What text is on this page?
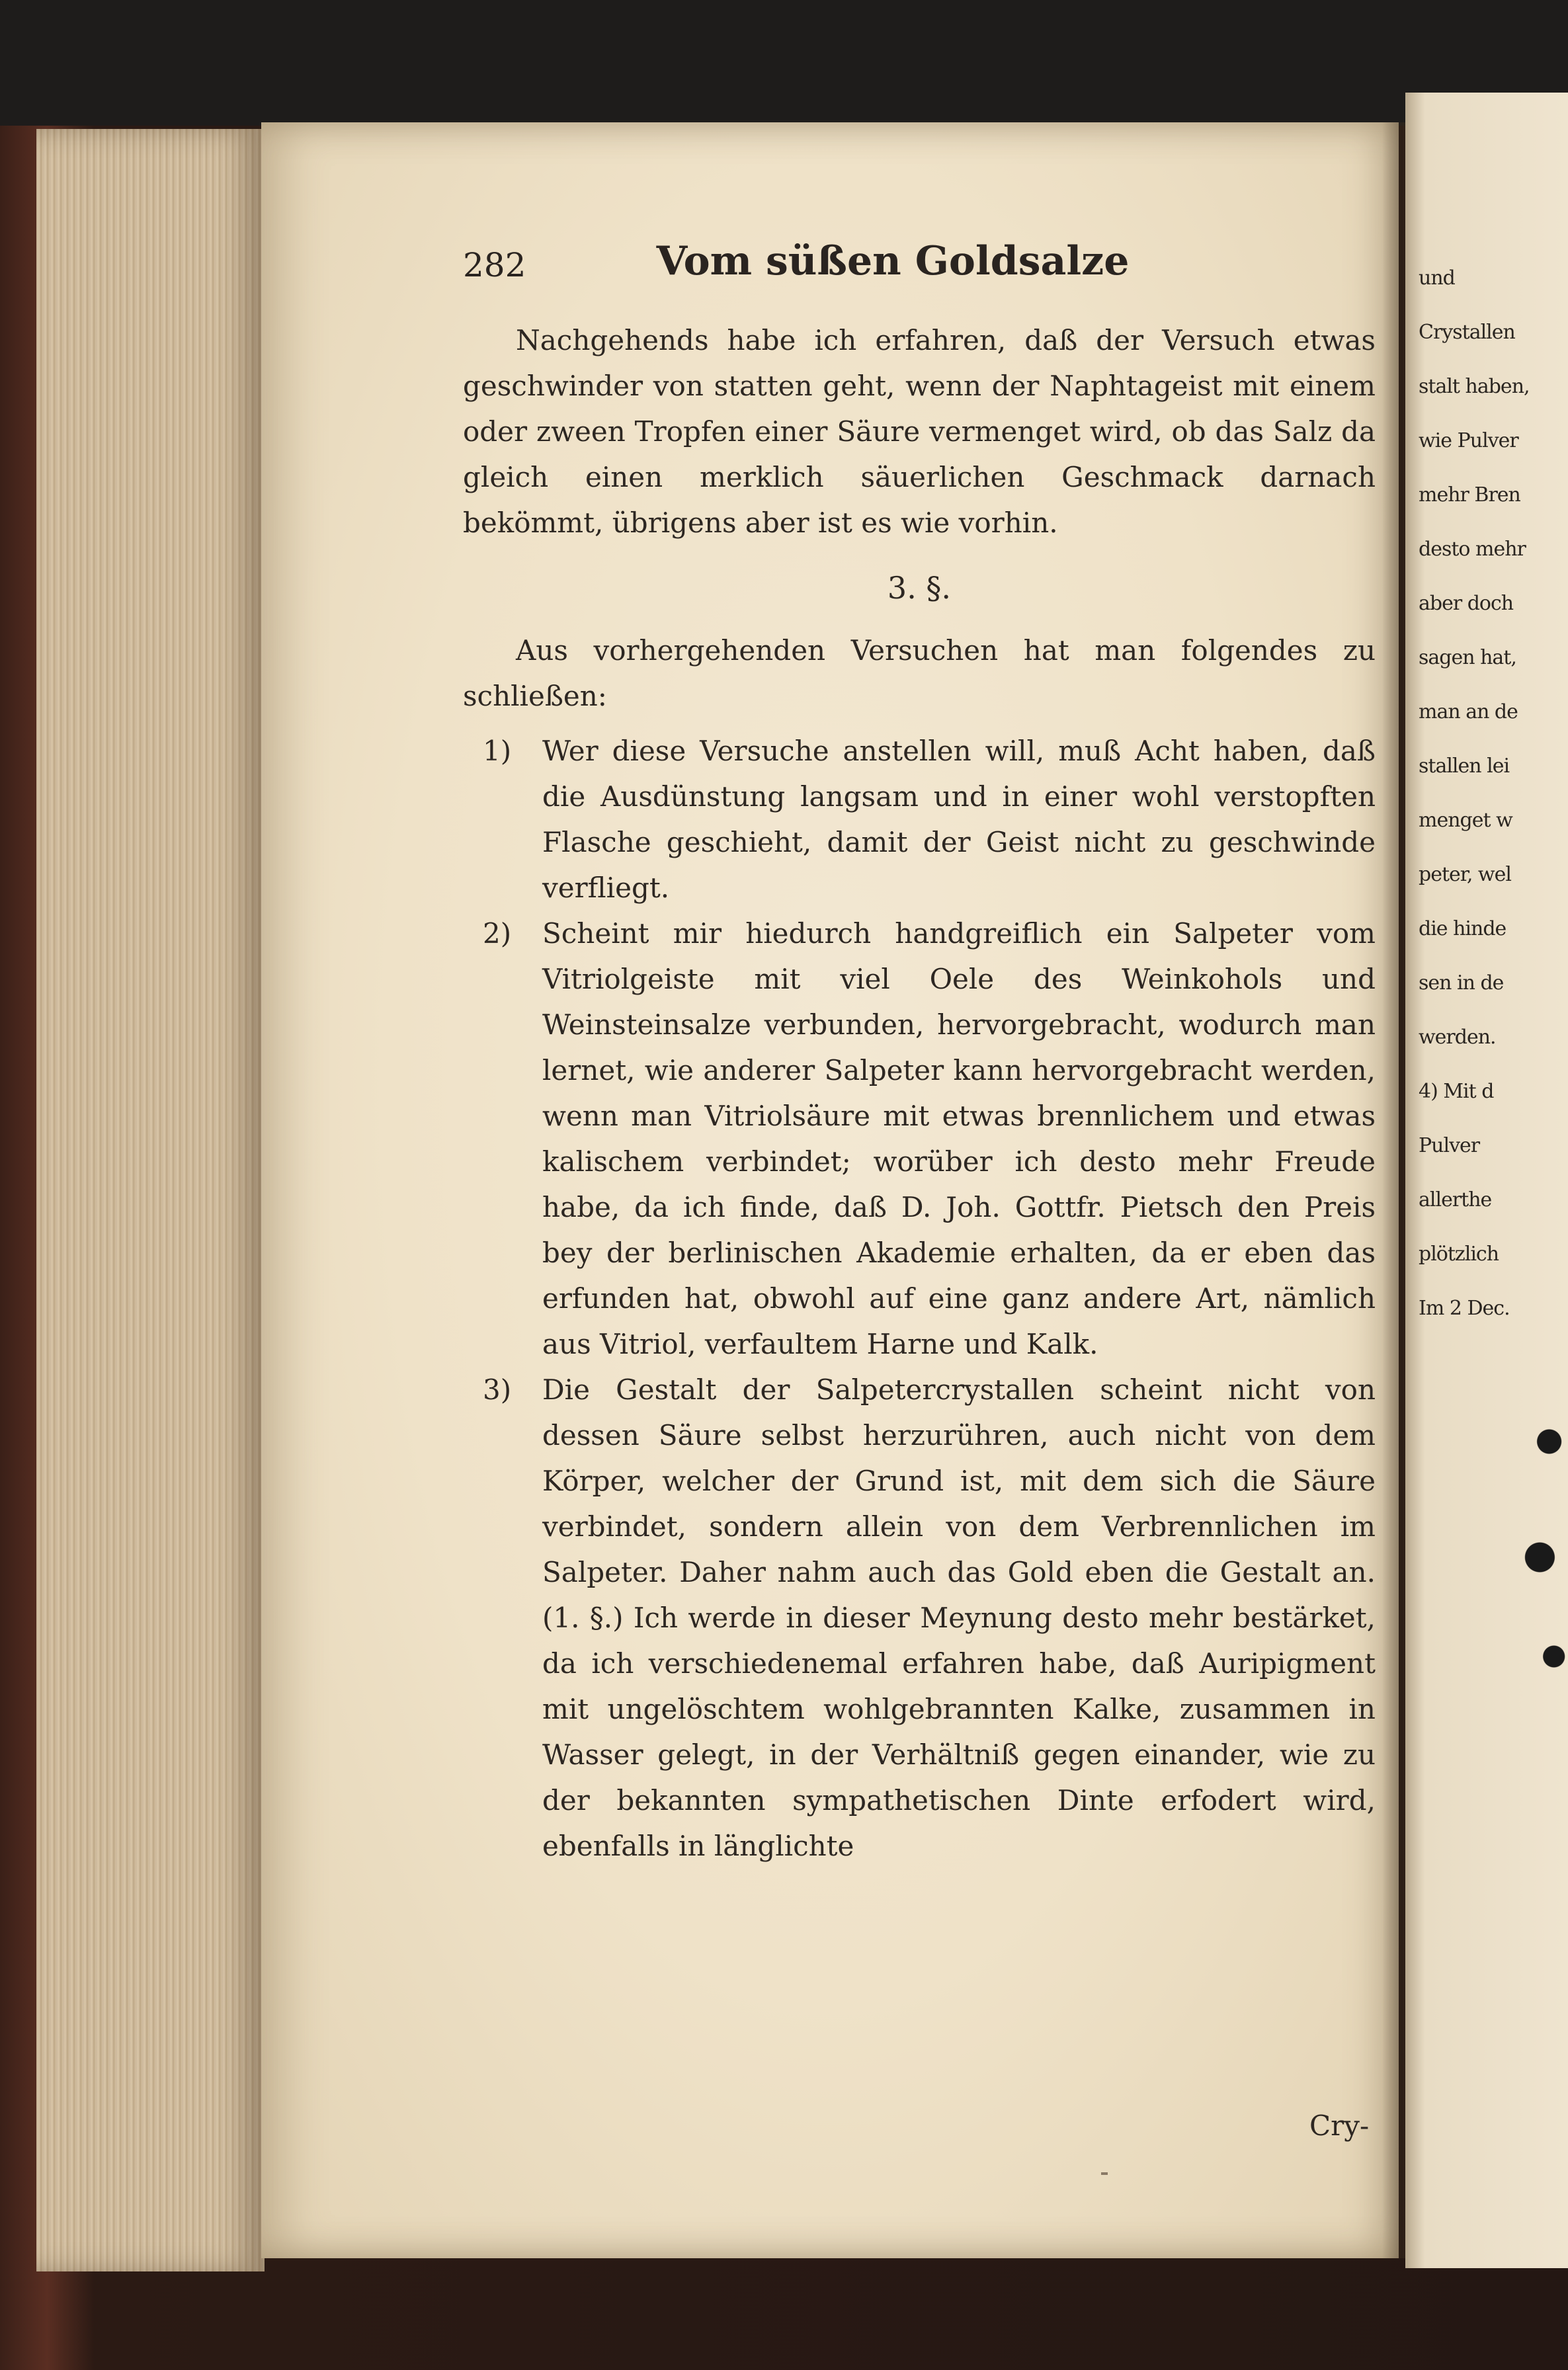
und
Crystallen
stalt haben,
wie Pulver
mehr Bren
desto mehr
aber doch
sagen hat,
man an de
stallen lei
menget w
peter, wel
die hinde
sen in de
werden.
4) Mit d
Pulver
allerthe
plötzlich
Im 2 Dec.
282	Vom süßen Goldsalze

Nachgehends habe ich erfahren, daß der Versuch etwas geschwinder von statten geht, wenn der Naphtageist mit einem oder zween Tropfen einer Säure vermenget wird, ob das Salz da gleich einen merklich säuerlichen Geschmack darnach bekömmt, übrigens aber ist es wie vorhin.

3. §.

Aus vorhergehenden Versuchen hat man folgendes zu schließen:

1) Wer diese Versuche anstellen will, muß Acht haben, daß die Ausdünstung langsam und in einer wohl verstopften Flasche geschieht, damit der Geist nicht zu geschwinde verfliegt.

2) Scheint mir hiedurch handgreiflich ein Salpeter vom Vitriolgeiste mit viel Oele des Weinkohols und Weinsteinsalze verbunden, hervorgebracht, wodurch man lernet, wie anderer Salpeter kann hervorgebracht werden, wenn man Vitriolsäure mit etwas brennlichem und etwas kalischem verbindet; worüber ich desto mehr Freude habe, da ich finde, daß D. Joh. Gottfr. Pietsch den Preis bey der berlinischen Akademie erhalten, da er eben das erfunden hat, obwohl auf eine ganz andere Art, nämlich aus Vitriol, verfaultem Harne und Kalk.

3) Die Gestalt der Salpetercrystallen scheint nicht von dessen Säure selbst herzurühren, auch nicht von dem Körper, welcher der Grund ist, mit dem sich die Säure verbindet, sondern allein von dem Verbrennlichen im Salpeter. Daher nahm auch das Gold eben die Gestalt an. (1. §.) Ich werde in dieser Meynung desto mehr bestärket, da ich verschiedenemal erfahren habe, daß Auripigment mit ungelöschtem wohlgebrannten Kalke, zusammen in Wasser gelegt, in der Verhältniß gegen einander, wie zu der bekannten sympathetischen Dinte erfodert wird, ebenfalls in länglichte

Cry-
